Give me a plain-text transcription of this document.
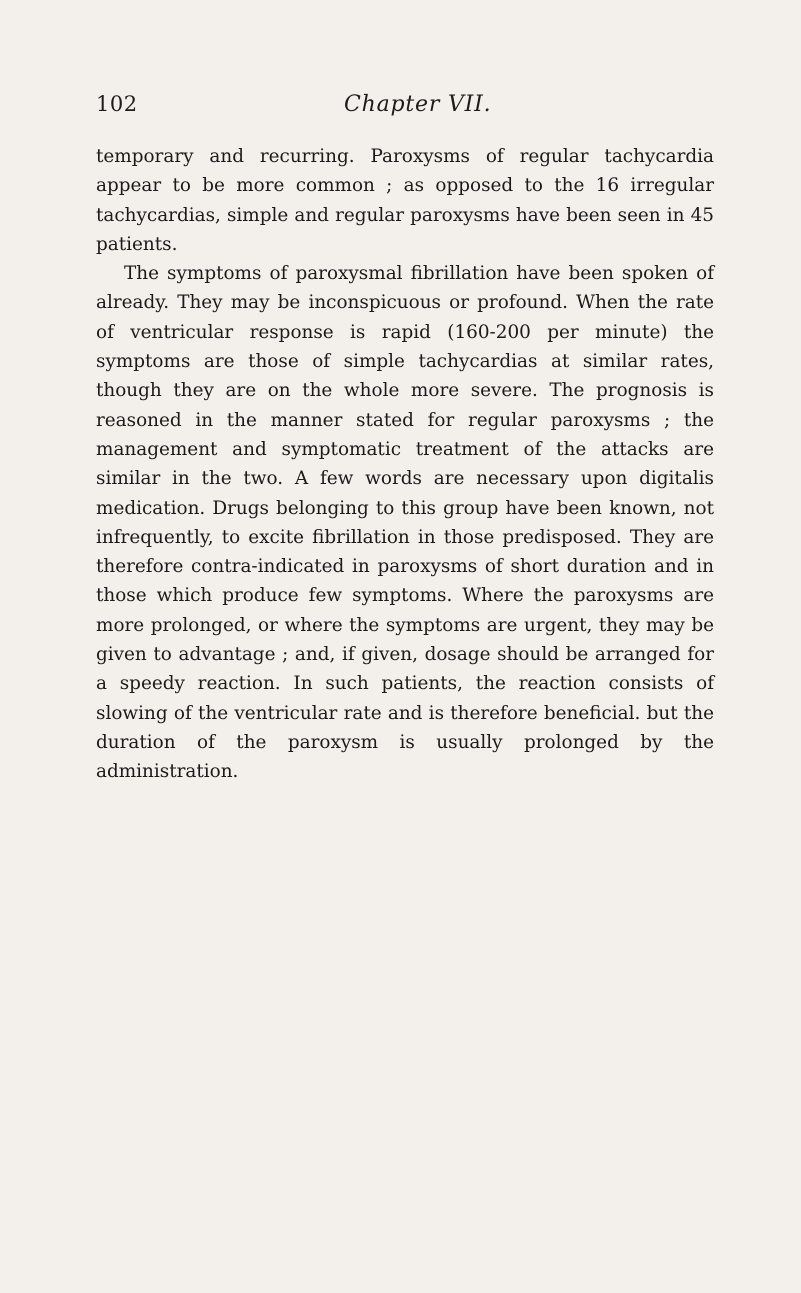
102	Chapter VII.

temporary and recurring. Paroxysms of regular tachycardia appear to be more common ; as opposed to the 16 irregular tachycardias, simple and regular paroxysms have been seen in 45 patients.

The symptoms of paroxysmal fibrillation have been spoken of already. They may be inconspicuous or profound. When the rate of ventricular response is rapid (160-200 per minute) the symptoms are those of simple tachycardias at similar rates, though they are on the whole more severe. The prognosis is reasoned in the manner stated for regular paroxysms ; the management and symptomatic treatment of the attacks are similar in the two. A few words are necessary upon digitalis medication. Drugs belonging to this group have been known, not infrequently, to excite fibrillation in those predisposed. They are therefore contra-indicated in paroxysms of short duration and in those which produce few symptoms. Where the paroxysms are more prolonged, or where the symptoms are urgent, they may be given to advantage ; and, if given, dosage should be arranged for a speedy reaction. In such patients, the reaction consists of slowing of the ventricular rate and is therefore beneficial. but the duration of the paroxysm is usually prolonged by the administration.
